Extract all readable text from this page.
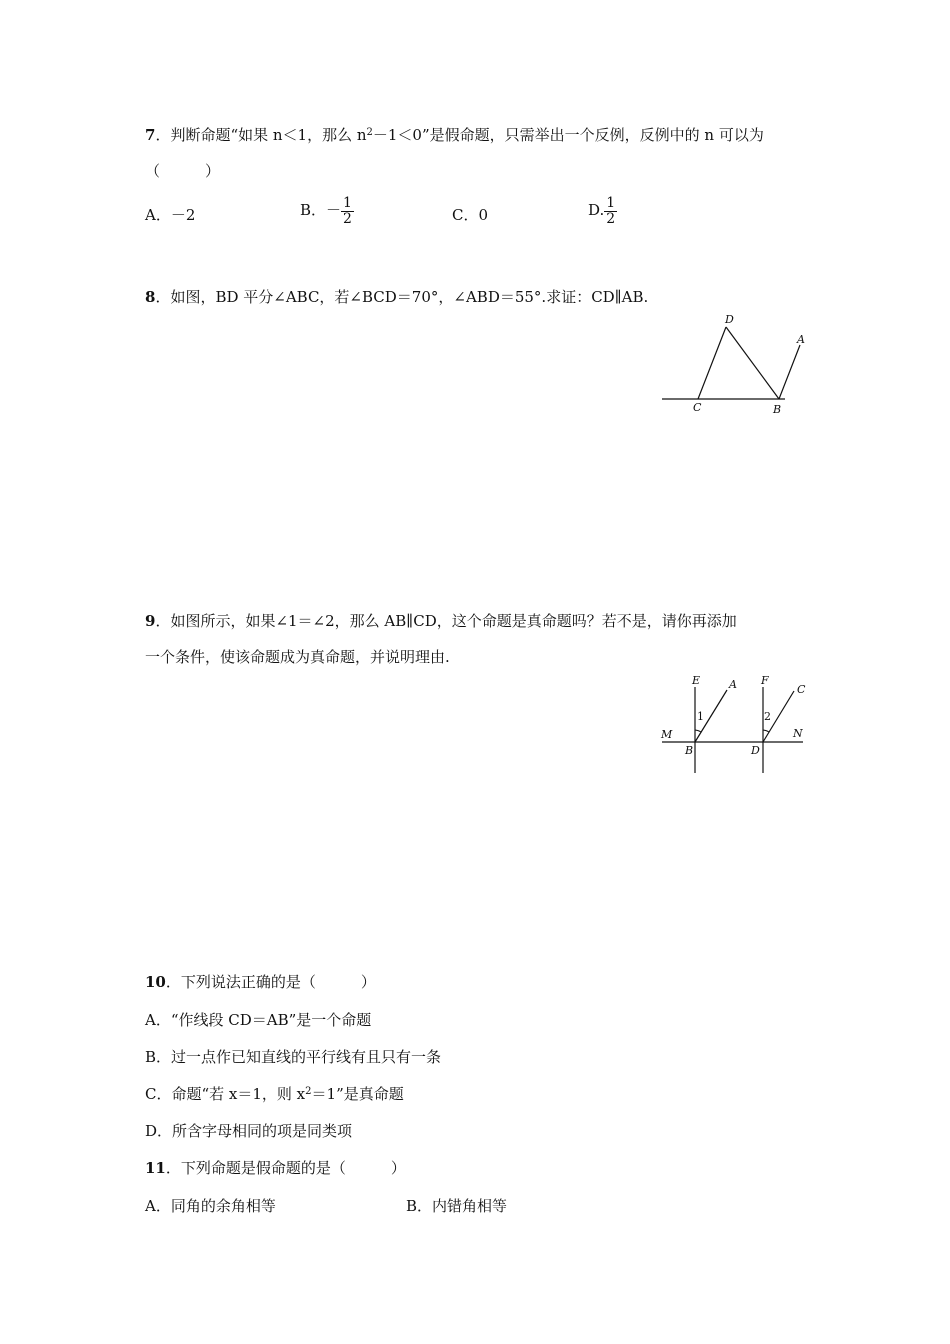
7．判断命题“如果 n＜1，那么 $n^2-1<0$”是假命题，只需举出一个反例，反例中的 n 可以为
（　　　）
A．－2	B．－ $\frac{1}{2}$	C．0	D. $\frac{1}{2}$
8．如图，BD 平分∠ABC，若∠BCD＝70°，∠ABD＝55°.求证：CD∥AB.
D
A
C	B
9．如图所示，如果∠1＝∠2，那么 AB∥CD，这个命题是真命题吗？若不是，请你再添加
一个条件，使该命题成为真命题，并说明理由.
E	A F
C
M	N
B	D
1	2
10．下列说法正确的是（　　　）
A．“作线段 CD＝AB”是一个命题
B．过一点作已知直线的平行线有且只有一条
C．命题“若 x＝1，则 $x^2=1$”是真命题
D．所含字母相同的项是同类项
11．下列命题是假命题的是（　　　）
A．同角的余角相等	B．内错角相等
